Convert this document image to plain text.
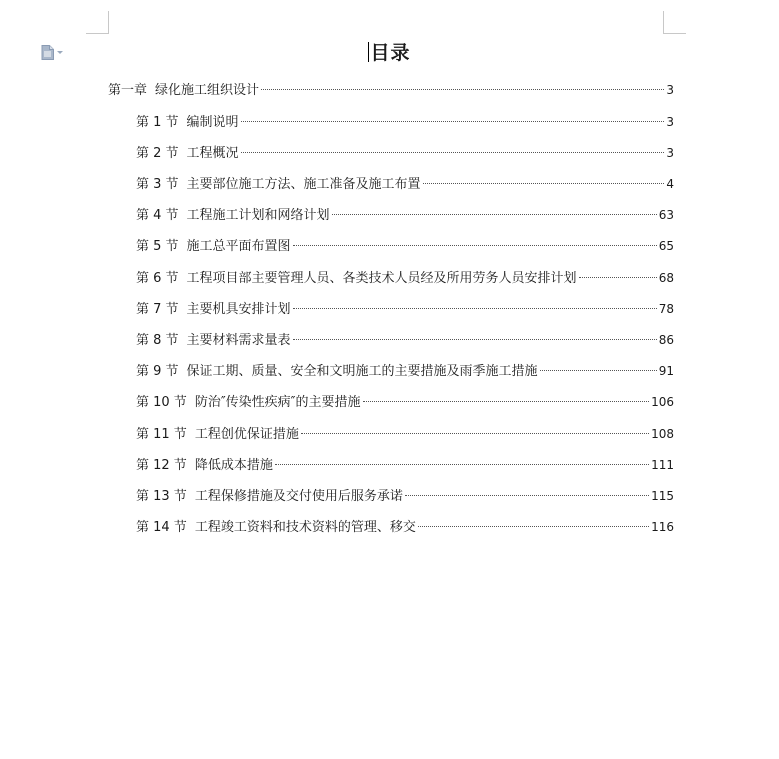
目录
第一章 绿化施工组织设计	3
第 1 节 编制说明	3
第 2 节 工程概况	3
第 3 节 主要部位施工方法、施工准备及施工布置	4
第 4 节 工程施工计划和网络计划	63
第 5 节 施工总平面布置图	65
第 6 节 工程项目部主要管理人员、各类技术人员经及所用劳务人员安排计划	68
第 7 节 主要机具安排计划	78
第 8 节 主要材料需求量表	86
第 9 节 保证工期、质量、安全和文明施工的主要措施及雨季施工措施	91
第 10 节 防治″传染性疾病″的主要措施	106
第 11 节 工程创优保证措施	108
第 12 节 降低成本措施	111
第 13 节 工程保修措施及交付使用后服务承诺	115
第 14 节 工程竣工资料和技术资料的管理、移交	116
